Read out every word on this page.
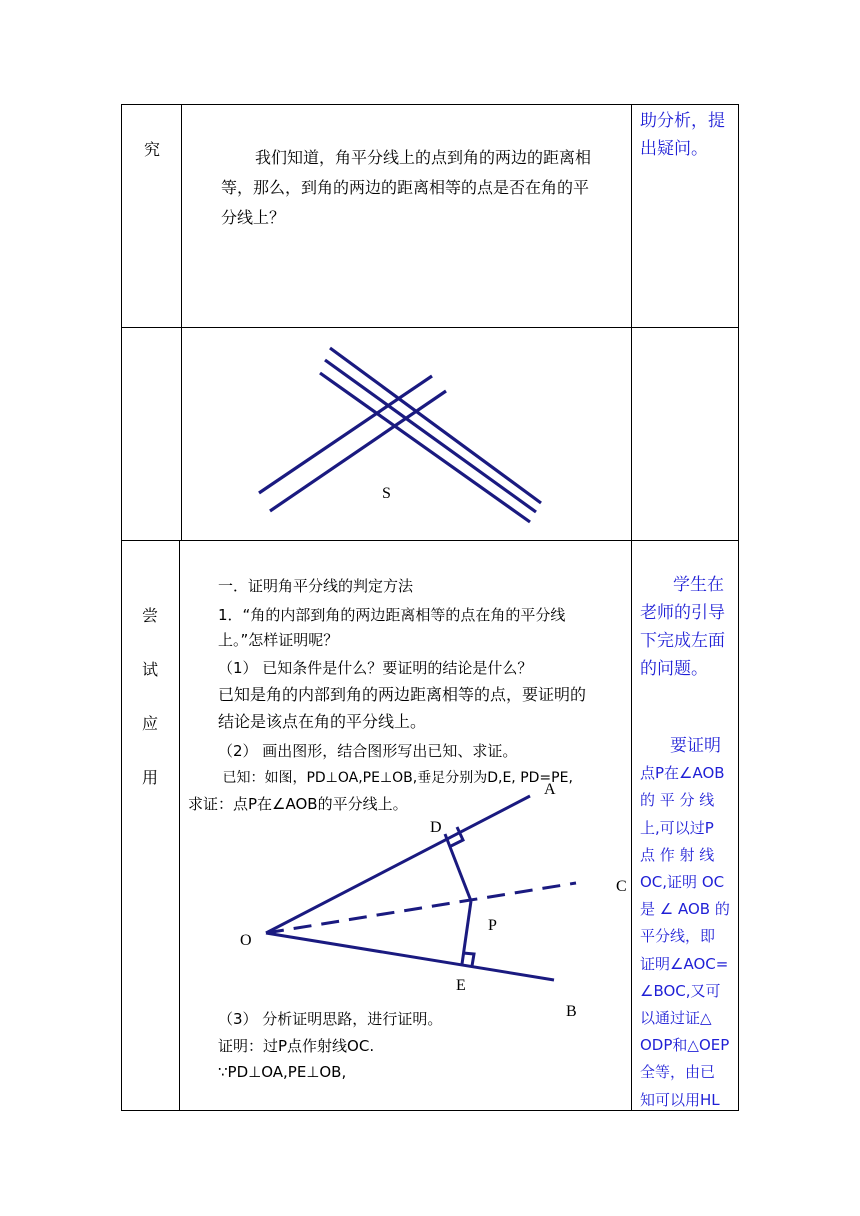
究	我们知道，角平分线上的点到角的两边的距离相
等，那么，到角的两边的距离相等的点是否在角的平
分线上？
助分析，提
出疑问。
S
尝
试
应
用
一．证明角平分线的判定方法
1．“角的内部到角的两边距离相等的点在角的平分线
上。”怎样证明呢？
（1） 已知条件是什么？要证明的结论是什么？
已知是角的内部到角的两边距离相等的点，要证明的
结论是该点在角的平分线上。
（2） 画出图形，结合图形写出已知、求证。
已知：如图，PD⊥OA,PE⊥OB,垂足分别为D,E, PD=PE,
求证：点P在∠AOB的平分线上。
A
D
C
P
O
E
B
（3） 分析证明思路，进行证明。
证明：过P点作射线OC.
∵PD⊥OA,PE⊥OB,
学生在
老师的引导
下完成左面
的问题。
要证明
点P在∠AOB
的 平 分 线
上,可以过P
点 作 射 线
OC,证明 OC
是 ∠ AOB 的
平分线，即
证明∠AOC=
∠BOC,又可
以通过证△
ODP和△OEP
全等，由已
知可以用HL
